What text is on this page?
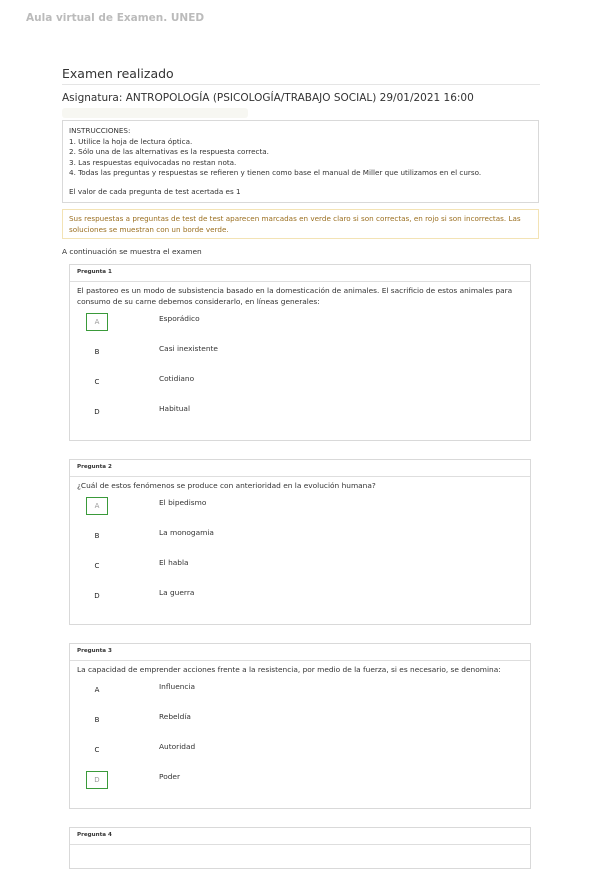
Aula virtual de Examen. UNED
Examen realizado
Asignatura: ANTROPOLOGÍA (PSICOLOGÍA/TRABAJO SOCIAL) 29/01/2021 16:00
INSTRUCCIONES:
1. Utilice la hoja de lectura óptica.
2. Sólo una de las alternativas es la respuesta correcta.
3. Las respuestas equivocadas no restan nota.
4. Todas las preguntas y respuestas se refieren y tienen como base el manual de Miller que utilizamos en el curso.
El valor de cada pregunta de test acertada es 1
Sus respuestas a preguntas de test de test aparecen marcadas en verde claro si son correctas, en rojo si son incorrectas. Las soluciones se muestran con un borde verde.
A continuación se muestra el examen
Pregunta 1
El pastoreo es un modo de subsistencia basado en la domesticación de animales. El sacrificio de estos animales para consumo de su carne debemos considerarlo, en líneas generales:
A	Esporádico
B	Casi inexistente
C	Cotidiano
D	Habitual
Pregunta 2
¿Cuál de estos fenómenos se produce con anterioridad en la evolución humana?
A	El bipedismo
B	La monogamia
C	El habla
D	La guerra
Pregunta 3
La capacidad de emprender acciones frente a la resistencia, por medio de la fuerza, si es necesario, se denomina:
A	Influencia
B	Rebeldía
C	Autoridad
D	Poder
Pregunta 4
